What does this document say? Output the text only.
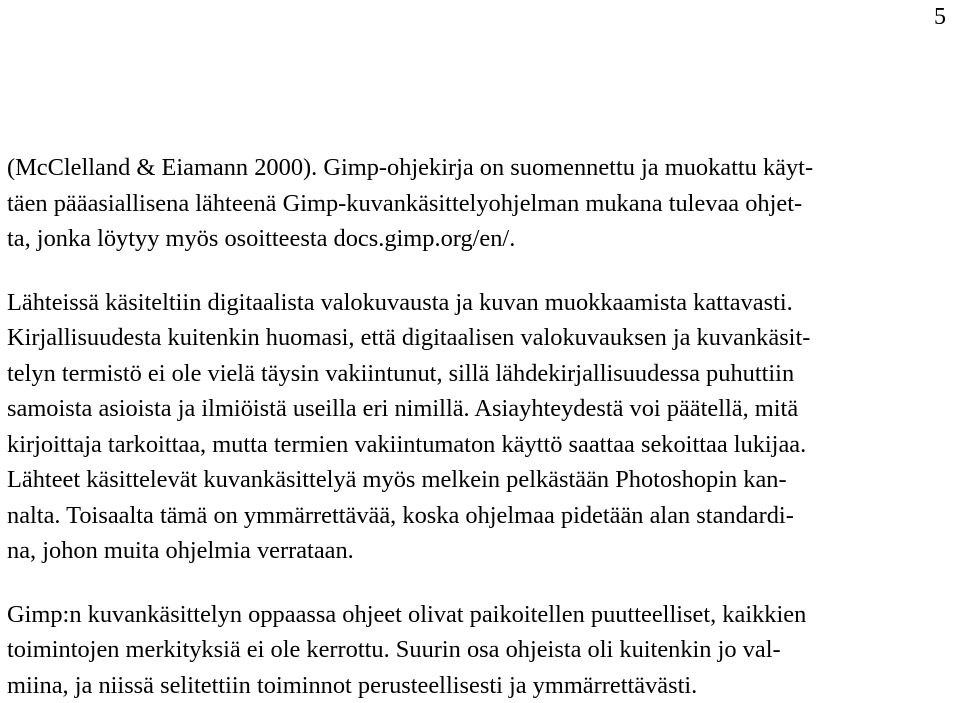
5
(McClelland & Eiamann 2000). Gimp-ohjekirja on suomennettu ja muokattu käyt-
täen pääasiallisena lähteenä Gimp-kuvankäsittelyohjelman mukana tulevaa ohjet-
ta, jonka löytyy myös osoitteesta docs.gimp.org/en/.
Lähteissä käsiteltiin digitaalista valokuvausta ja kuvan muokkaamista kattavasti.
Kirjallisuudesta kuitenkin huomasi, että digitaalisen valokuvauksen ja kuvankäsit-
telyn termistö ei ole vielä täysin vakiintunut, sillä lähdekirjallisuudessa puhuttiin
samoista asioista ja ilmiöistä useilla eri nimillä. Asiayhteydestä voi päätellä, mitä
kirjoittaja tarkoittaa, mutta termien vakiintumaton käyttö saattaa sekoittaa lukijaa.
Lähteet käsittelevät kuvankäsittelyä myös melkein pelkästään Photoshopin kan-
nalta. Toisaalta tämä on ymmärrettävää, koska ohjelmaa pidetään alan standardi-
na, johon muita ohjelmia verrataan.
Gimp:n kuvankäsittelyn oppaassa ohjeet olivat paikoitellen puutteelliset, kaikkien
toimintojen merkityksiä ei ole kerrottu. Suurin osa ohjeista oli kuitenkin jo val-
miina, ja niissä selitettiin toiminnot perusteellisesti ja ymmärrettävästi.
